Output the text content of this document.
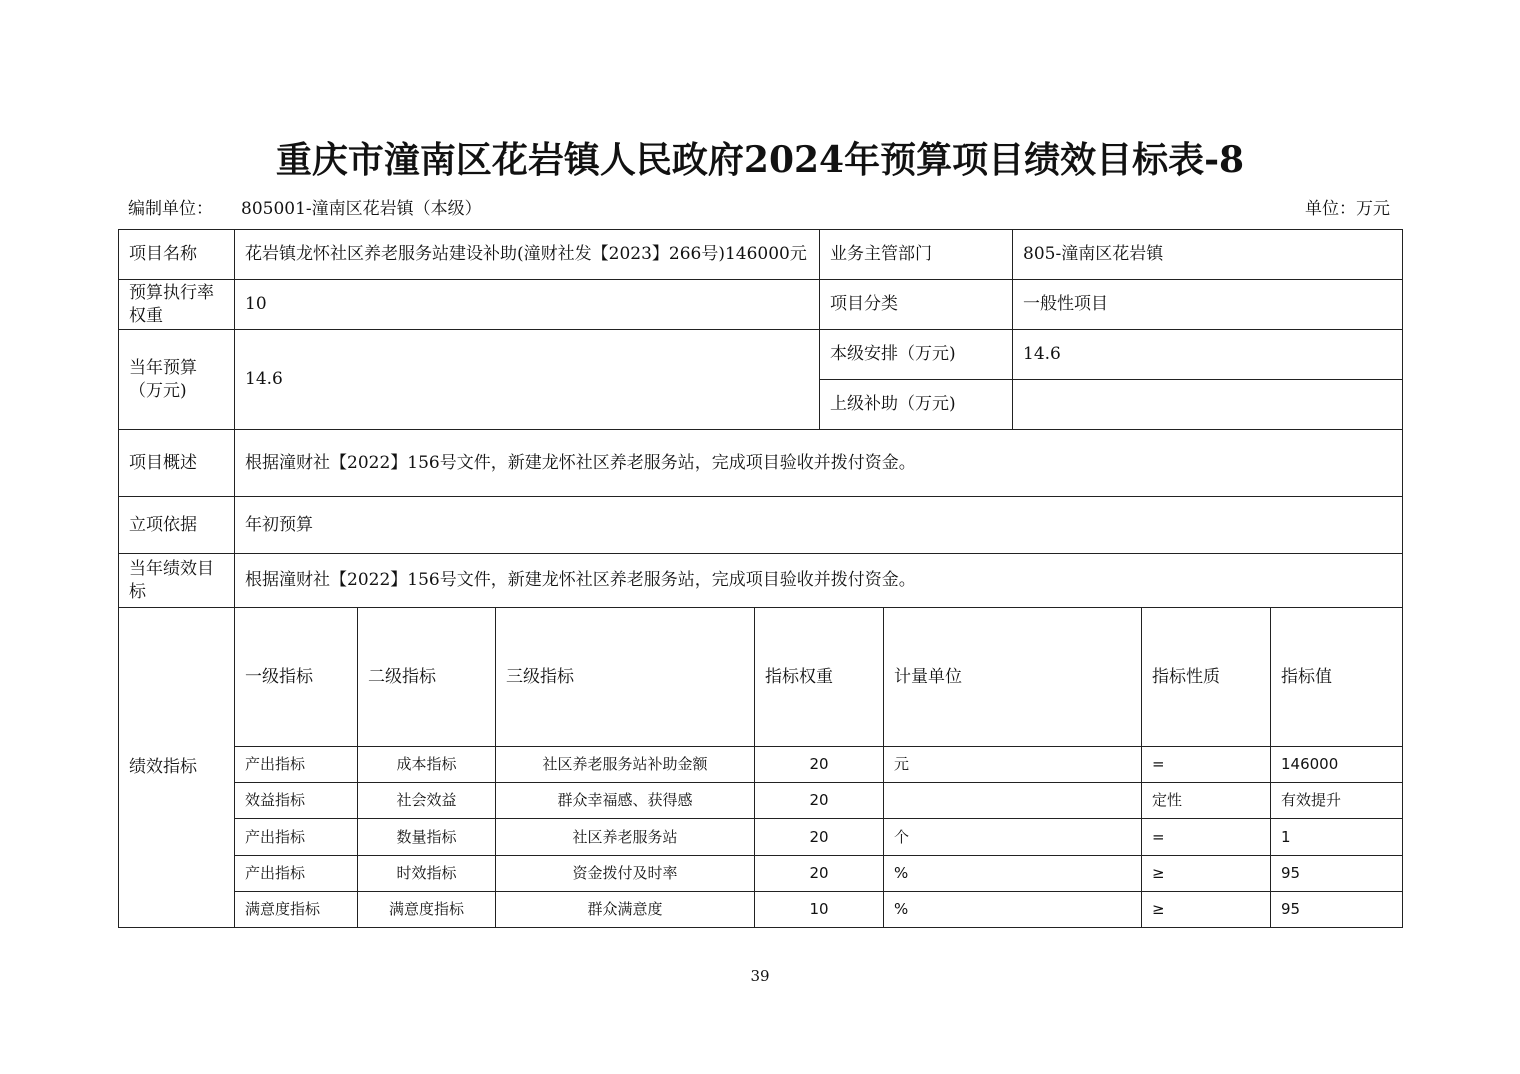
重庆市潼南区花岩镇人民政府2024年预算项目绩效目标表-8
编制单位： 805001-潼南区花岩镇（本级）	单位：万元
项目名称	花岩镇龙怀社区养老服务站建设补助(潼财社发【2023】266号)146000元				业务主管部门		805-潼南区花岩镇			
预算执行率权重	10				项目分类		一般性项目			
当年预算（万元)	14.6				本级安排（万元)		14.6			
					上级补助（万元)					
项目概述	根据潼财社【2022】156号文件，新建龙怀社区养老服务站，完成项目验收并拨付资金。									
立项依据	年初预算									
当年绩效目标	根据潼财社【2022】156号文件，新建龙怀社区养老服务站，完成项目验收并拨付资金。									
绩效指标	一级指标	二级指标	三级指标	指标权重		计量单位		指标性质	指标值	
	产出指标	成本指标	社区养老服务站补助金额	20		元		=	146000	
	效益指标	社会效益	群众幸福感、获得感	20				定性	有效提升	
	产出指标	数量指标	社区养老服务站	20		个		=	1	
	产出指标	时效指标	资金拨付及时率	20		%		≥	95	
	满意度指标	满意度指标	群众满意度	10		%		≥	95	
39
